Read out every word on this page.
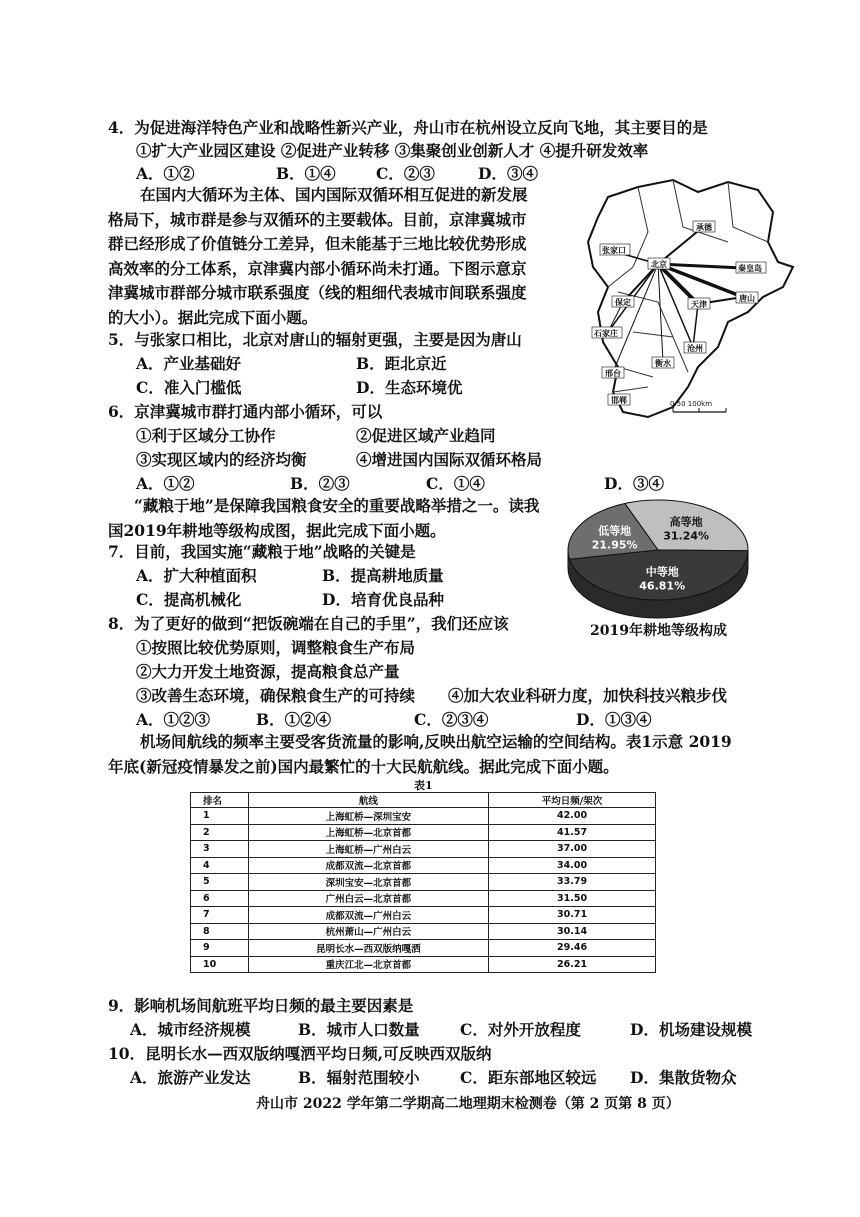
4．为促进海洋特色产业和战略性新兴产业，舟山市在杭州设立反向飞地，其主要目的是
①扩大产业园区建设 ②促进产业转移 ③集聚创业创新人才 ④提升研发效率
A．①②	B．①④	C．②③	D．③④
在国内大循环为主体、国内国际双循环相互促进的新发展
格局下，城市群是参与双循环的主要载体。目前，京津冀城市
群已经形成了价值链分工差异，但未能基于三地比较优势形成
高效率的分工体系，京津冀内部小循环尚未打通。下图示意京
津冀城市群部分城市联系强度（线的粗细代表城市间联系强度
的大小）。据此完成下面小题。
承德
张家口
北京	秦皇岛
唐山
天津
保定
沧州
石家庄
衡水
邢台
邯郸	0 50 100km
5．与张家口相比，北京对唐山的辐射更强，主要是因为唐山
A．产业基础好	B．距北京近
C．准入门槛低	D．生态环境优
6．京津冀城市群打通内部小循环，可以
①利于区域分工协作	②促进区域产业趋同
③实现区域内的经济均衡	④增进国内国际双循环格局
A．①②	B．②③	C．①④	D．③④
“藏粮于地”是保障我国粮食安全的重要战略举措之一。读我
国2019年耕地等级构成图，据此完成下面小题。	高等地
31.24%
中等地
46.81%
低等地
21.95%
2019年耕地等级构成
7．目前，我国实施“藏粮于地”战略的关键是
A．扩大种植面积	B．提高耕地质量
C．提高机械化	D．培育优良品种
8．为了更好的做到“把饭碗端在自己的手里”，我们还应该
①按照比较优势原则，调整粮食生产布局
②大力开发土地资源，提高粮食总产量
③改善生态环境，确保粮食生产的可持续 ④加大农业科研力度，加快科技兴粮步伐
A．①②③	B．①②④	C．②③④	D．①③④
机场间航线的频率主要受客货流量的影响,反映出航空运输的空间结构。表1示意 2019
年底(新冠疫情暴发之前)国内最繁忙的十大民航航线。据此完成下面小题。
表1
排名	航线	平均日频/架次
1	上海虹桥—深圳宝安	42.00
2	上海虹桥—北京首都	41.57
3	上海虹桥—广州白云	37.00
4	成都双流—北京首都	34.00
5	深圳宝安—北京首都	33.79
6	广州白云—北京首都	31.50
7	成都双流—广州白云	30.71
8	杭州萧山—广州白云	30.14
9	昆明长水—西双版纳嘎洒	29.46
10	重庆江北—北京首都	26.21
9．影响机场间航班平均日频的最主要因素是
A．城市经济规模	B．城市人口数量	C．对外开放程度	D．机场建设规模
10．昆明长水—西双版纳嘎洒平均日频,可反映西双版纳
A．旅游产业发达	B．辐射范围较小	C．距东部地区较远 D．集散货物众
舟山市 2022 学年第二学期高二地理期末检测卷（第 2 页第 8 页）
